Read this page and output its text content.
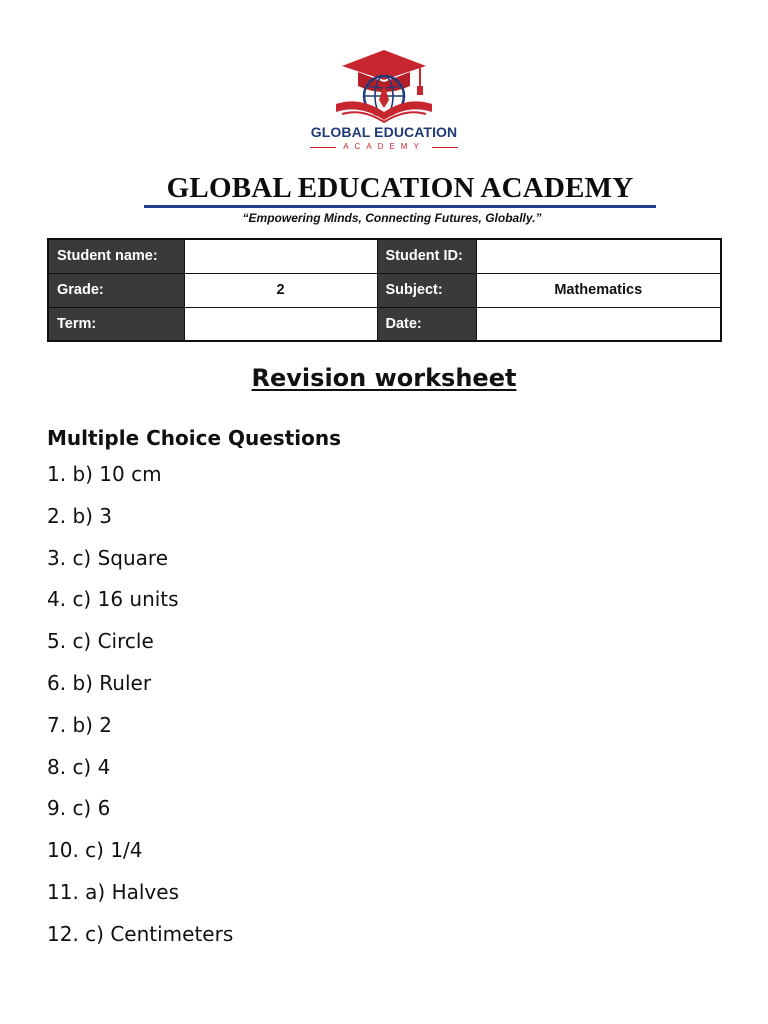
GLOBAL EDUCATION
ACADEMY
GLOBAL EDUCATION ACADEMY
“Empowering Minds, Connecting Futures, Globally.”
Student name:		Student ID:	
Grade:	2	Subject:	Mathematics
Term:		Date:	
Revision worksheet
Multiple Choice Questions
1. b) 10 cm
2. b) 3
3. c) Square
4. c) 16 units
5. c) Circle
6. b) Ruler
7. b) 2
8. c) 4
9. c) 6
10. c) 1/4
11. a) Halves
12. c) Centimeters
